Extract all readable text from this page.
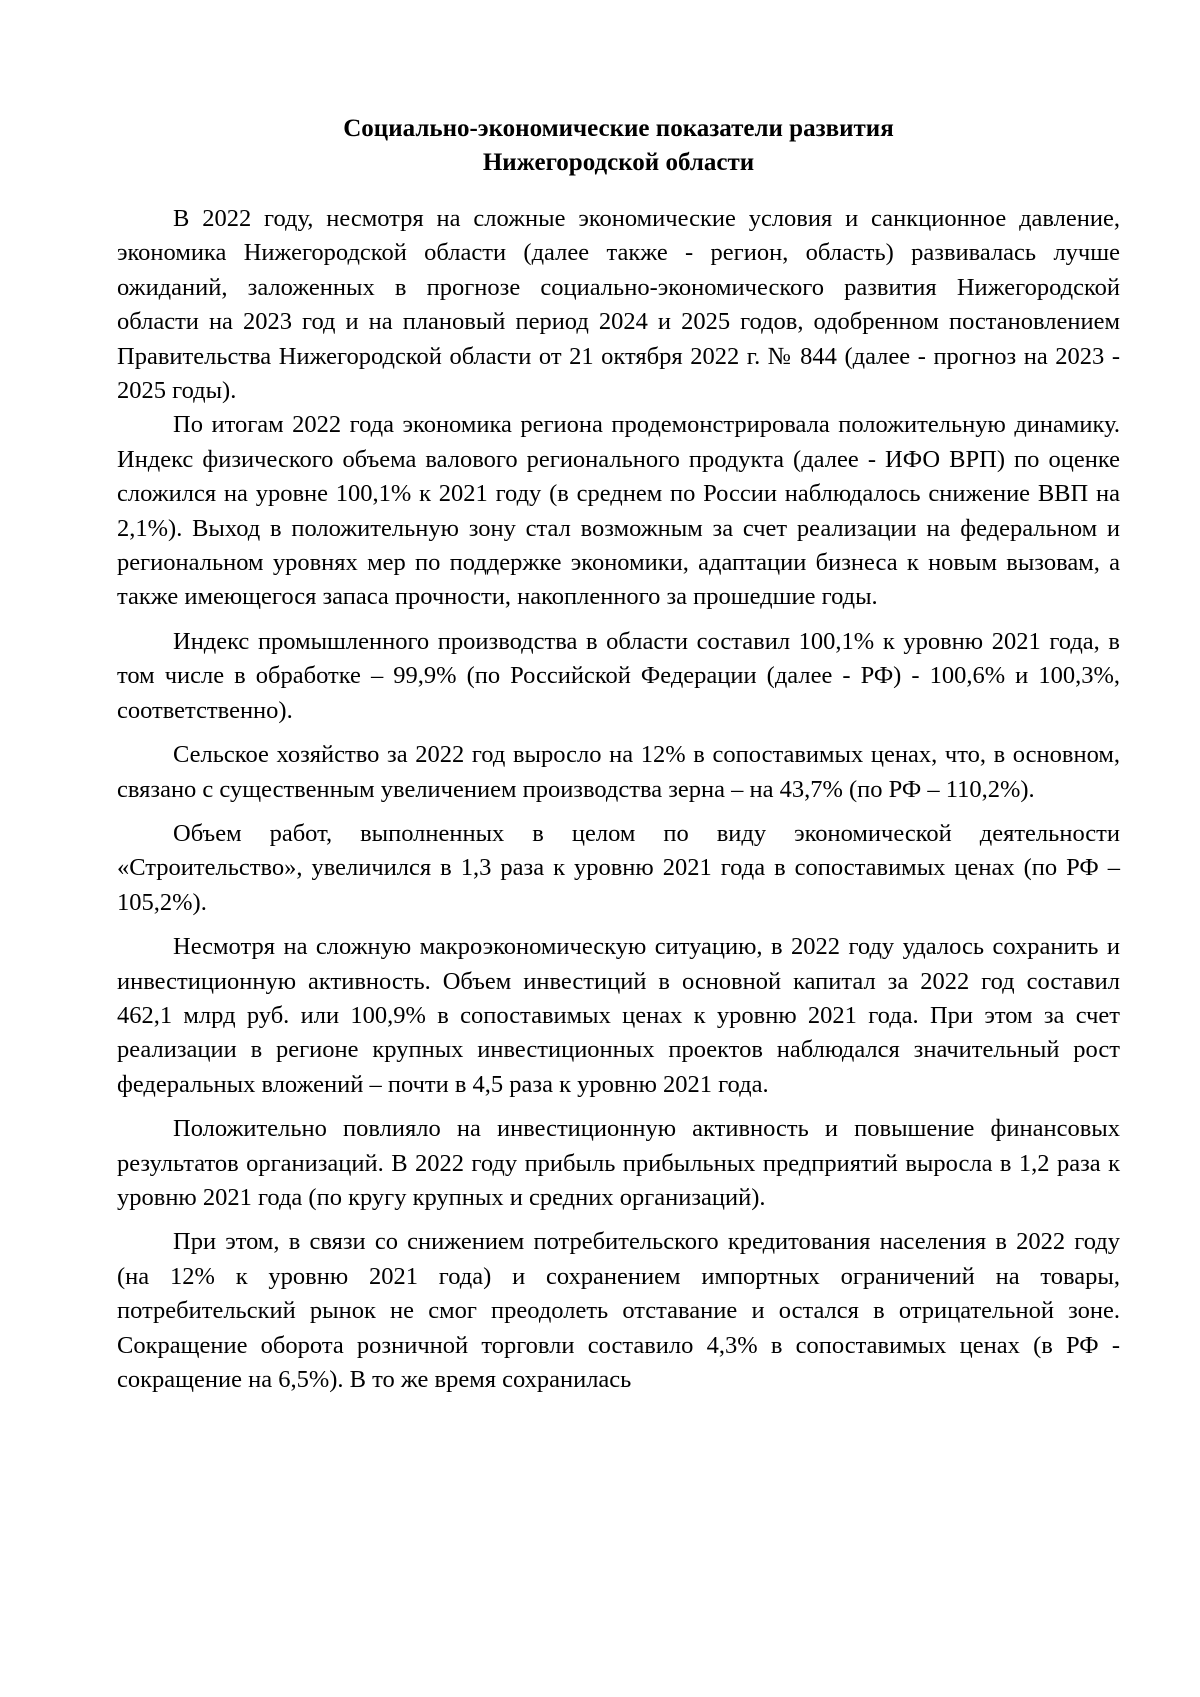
Социально-экономические показатели развития
Нижегородской области

В 2022 году, несмотря на сложные экономические условия и санкционное давление, экономика Нижегородской области (далее также - регион, область) развивалась лучше ожиданий, заложенных в прогнозе социально-экономического развития Нижегородской области на 2023 год и на плановый период 2024 и 2025 годов, одобренном постановлением Правительства Нижегородской области от 21 октября 2022 г. № 844 (далее - прогноз на 2023 - 2025 годы).

По итогам 2022 года экономика региона продемонстрировала положительную динамику. Индекс физического объема валового регионального продукта (далее - ИФО ВРП) по оценке сложился на уровне 100,1% к 2021 году (в среднем по России наблюдалось снижение ВВП на 2,1%). Выход в положительную зону стал возможным за счет реализации на федеральном и региональном уровнях мер по поддержке экономики, адаптации бизнеса к новым вызовам, а также имеющегося запаса прочности, накопленного за прошедшие годы.

Индекс промышленного производства в области составил 100,1% к уровню 2021 года, в том числе в обработке – 99,9% (по Российской Федерации (далее - РФ) - 100,6% и 100,3%, соответственно).

Сельское хозяйство за 2022 год выросло на 12% в сопоставимых ценах, что, в основном, связано с существенным увеличением производства зерна – на 43,7% (по РФ – 110,2%).

Объем работ, выполненных в целом по виду экономической деятельности «Строительство», увеличился в 1,3 раза к уровню 2021 года в сопоставимых ценах (по РФ – 105,2%).

Несмотря на сложную макроэкономическую ситуацию, в 2022 году удалось сохранить и инвестиционную активность. Объем инвестиций в основной капитал за 2022 год составил 462,1 млрд руб. или 100,9% в сопоставимых ценах к уровню 2021 года. При этом за счет реализации в регионе крупных инвестиционных проектов наблюдался значительный рост федеральных вложений – почти в 4,5 раза к уровню 2021 года.

Положительно повлияло на инвестиционную активность и повышение финансовых результатов организаций. В 2022 году прибыль прибыльных предприятий выросла в 1,2 раза к уровню 2021 года (по кругу крупных и средних организаций).

При этом, в связи со снижением потребительского кредитования населения в 2022 году (на 12% к уровню 2021 года) и сохранением импортных ограничений на товары, потребительский рынок не смог преодолеть отставание и остался в отрицательной зоне. Сокращение оборота розничной торговли составило 4,3% в сопоставимых ценах (в РФ - сокращение на 6,5%). В то же время сохранилась
